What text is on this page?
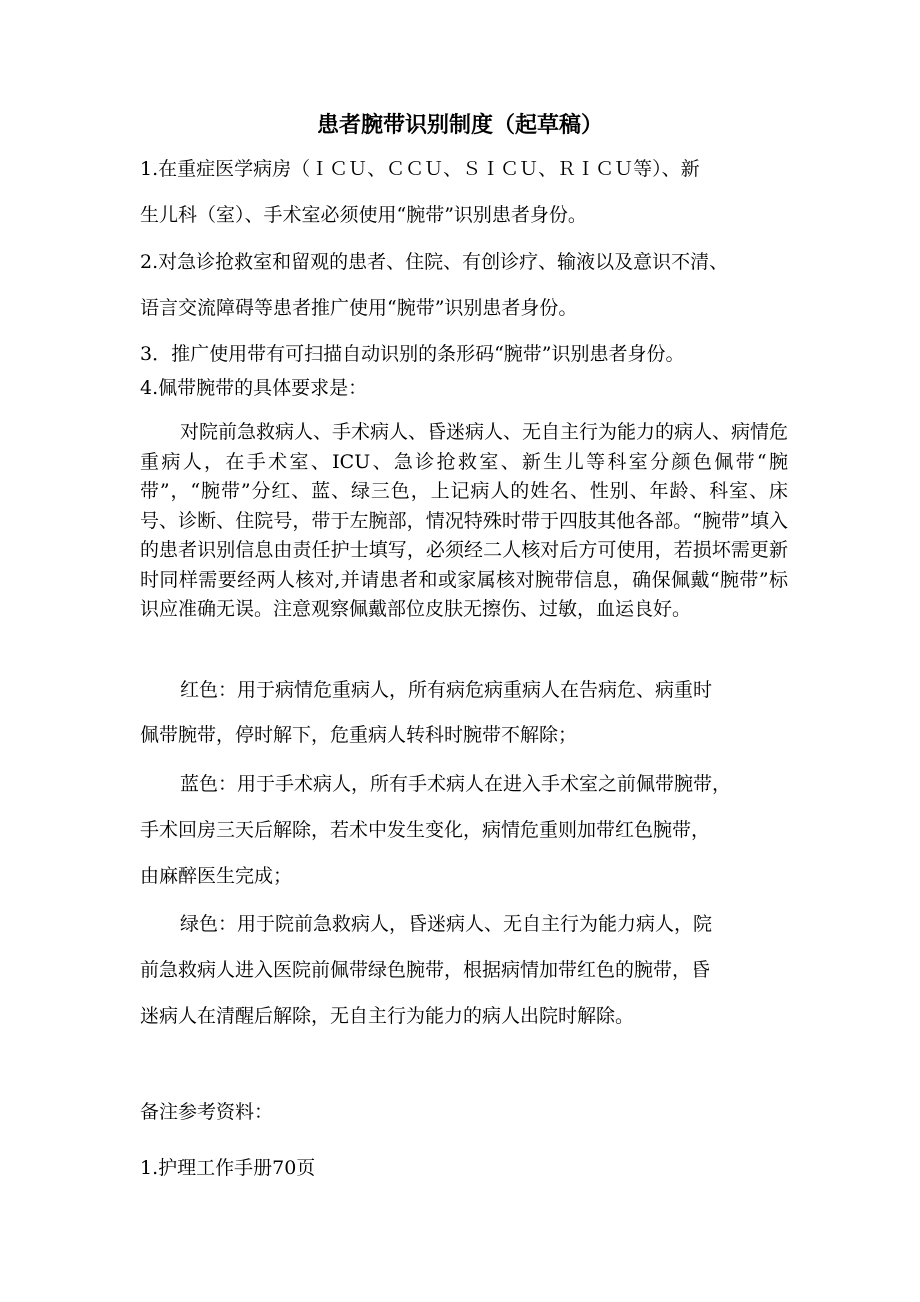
患者腕带识别制度（起草稿）
1.在重症医学病房（ＩＣＵ、ＣＣＵ、ＳＩＣＵ、ＲＩＣＵ等）、新
生儿科（室）、手术室必须使用“腕带”识别患者身份。
2.对急诊抢救室和留观的患者、住院、有创诊疗、输液以及意识不清、
语言交流障碍等患者推广使用“腕带”识别患者身份。
3．推广使用带有可扫描自动识别的条形码“腕带”识别患者身份。
4.佩带腕带的具体要求是：
对院前急救病人、手术病人、昏迷病人、无自主行为能力的病人、病情危重病人，在手术室、ICU、急诊抢救室、新生儿等科室分颜色佩带“腕带”，“腕带”分红、蓝、绿三色，上记病人的姓名、性别、年龄、科室、床号、诊断、住院号，带于左腕部，情况特殊时带于四肢其他各部。“腕带”填入的患者识别信息由责任护士填写，必须经二人核对后方可使用，若损坏需更新时同样需要经两人核对,并请患者和或家属核对腕带信息，确保佩戴“腕带”标识应准确无误。注意观察佩戴部位皮肤无擦伤、过敏，血运良好。
红色：用于病情危重病人，所有病危病重病人在告病危、病重时
佩带腕带，停时解下，危重病人转科时腕带不解除；
蓝色：用于手术病人，所有手术病人在进入手术室之前佩带腕带，
手术回房三天后解除，若术中发生变化，病情危重则加带红色腕带，
由麻醉医生完成；
绿色：用于院前急救病人，昏迷病人、无自主行为能力病人，院
前急救病人进入医院前佩带绿色腕带，根据病情加带红色的腕带，昏
迷病人在清醒后解除，无自主行为能力的病人出院时解除。
备注参考资料：
1.护理工作手册70页
